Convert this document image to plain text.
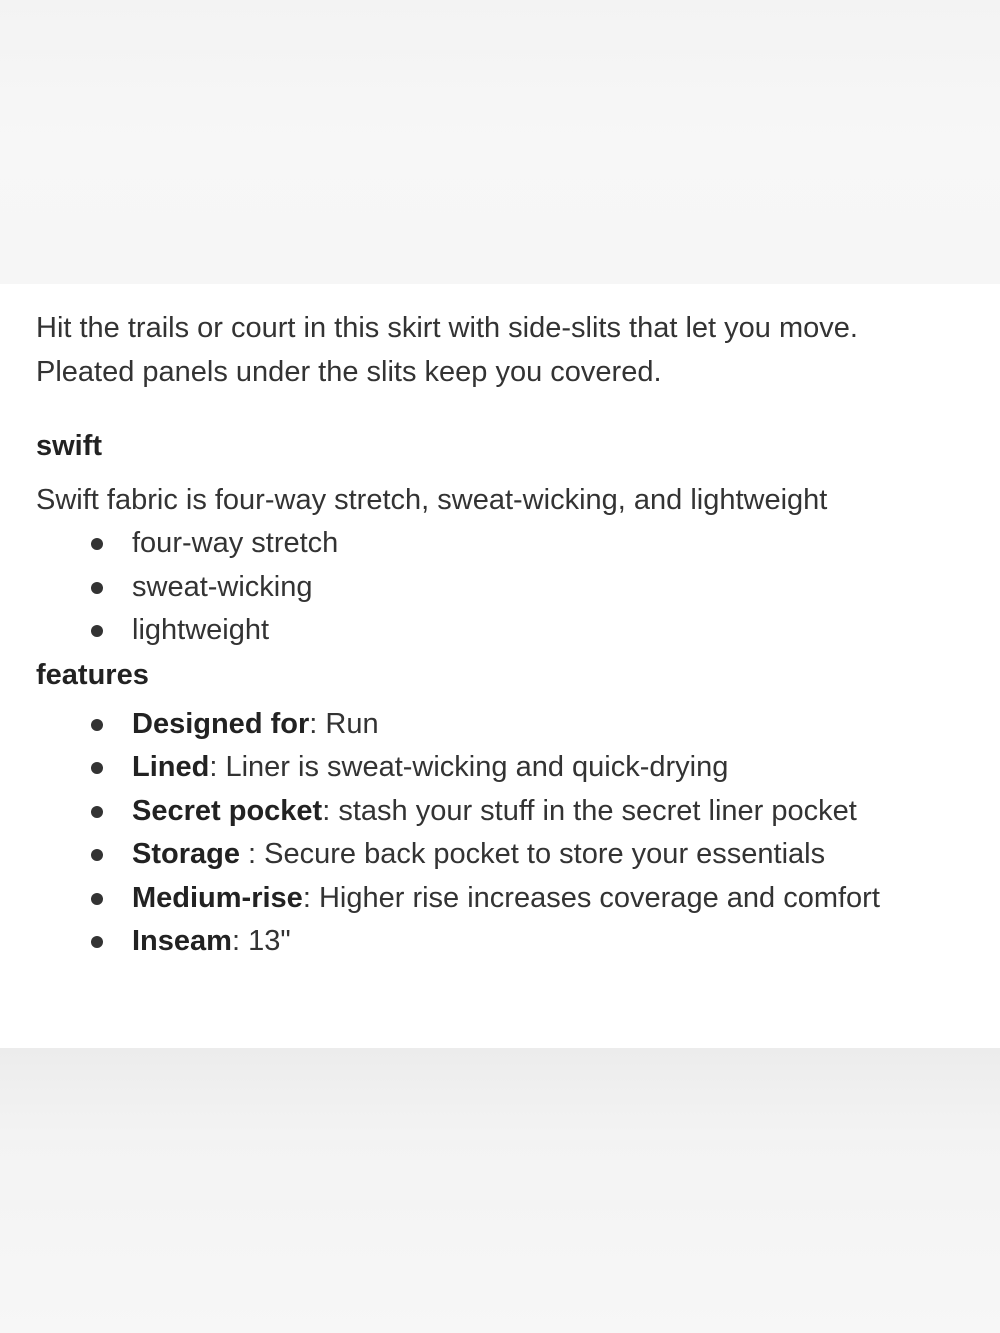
Hit the trails or court in this skirt with side-slits that let you move.
Pleated panels under the slits keep you covered.

swift

Swift fabric is four-way stretch, sweat-wicking, and lightweight

four-way stretch
sweat-wicking
lightweight
features
Designed for: Run
Lined: Liner is sweat-wicking and quick-drying
Secret pocket: stash your stuff in the secret liner pocket
Storage : Secure back pocket to store your essentials
Medium-rise: Higher rise increases coverage and comfort
Inseam: 13"
